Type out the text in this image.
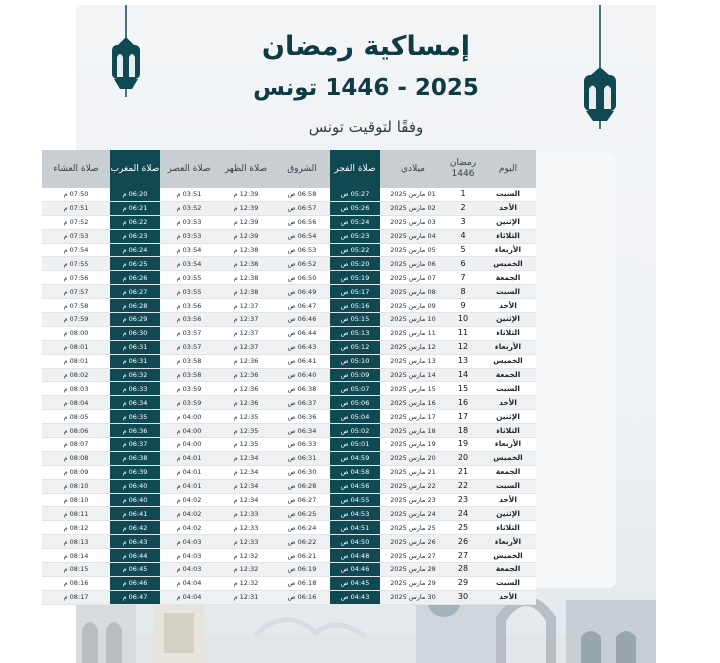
إمساكية رمضان
2025 - 1446 تونس
وفقًا لتوقيت تونس
اليوم	رمضان 1446	ميلادي	صلاة الفجر	الشروق	صلاة الظهر	صلاة العصر	صلاة المغرب	صلاة العشاء
السبت	1	01 مارس 2025	05:27 ص	06:58 ص	12:39 م	03:51 م	06:20 م	07:50 م
الأحد	2	02 مارس 2025	05:26 ص	06:57 ص	12:39 م	03:52 م	06:21 م	07:51 م
الإثنين	3	03 مارس 2025	05:24 ص	06:56 ص	12:39 م	03:53 م	06:22 م	07:52 م
الثلاثاء	4	04 مارس 2025	05:23 ص	06:54 ص	12:39 م	03:53 م	06:23 م	07:53 م
الأربعاء	5	05 مارس 2025	05:22 ص	06:53 ص	12:38 م	03:54 م	06:24 م	07:54 م
الخميس	6	06 مارس 2025	05:20 ص	06:52 ص	12:38 م	03:54 م	06:25 م	07:55 م
الجمعة	7	07 مارس 2025	05:19 ص	06:50 ص	12:38 م	03:55 م	06:26 م	07:56 م
السبت	8	08 مارس 2025	05:17 ص	06:49 ص	12:38 م	03:55 م	06:27 م	07:57 م
الأحد	9	09 مارس 2025	05:16 ص	06:47 ص	12:37 م	03:56 م	06:28 م	07:58 م
الإثنين	10	10 مارس 2025	05:15 ص	06:46 ص	12:37 م	03:56 م	06:29 م	07:59 م
الثلاثاء	11	11 مارس 2025	05:13 ص	06:44 ص	12:37 م	03:57 م	06:30 م	08:00 م
الأربعاء	12	12 مارس 2025	05:12 ص	06:43 ص	12:37 م	03:57 م	06:31 م	08:01 م
الخميس	13	13 مارس 2025	05:10 ص	06:41 ص	12:36 م	03:58 م	06:31 م	08:01 م
الجمعة	14	14 مارس 2025	05:09 ص	06:40 ص	12:36 م	03:58 م	06:32 م	08:02 م
السبت	15	15 مارس 2025	05:07 ص	06:38 ص	12:36 م	03:59 م	06:33 م	08:03 م
الأحد	16	16 مارس 2025	05:06 ص	06:37 ص	12:36 م	03:59 م	06:34 م	08:04 م
الإثنين	17	17 مارس 2025	05:04 ص	06:36 ص	12:35 م	04:00 م	06:35 م	08:05 م
الثلاثاء	18	18 مارس 2025	05:02 ص	06:34 ص	12:35 م	04:00 م	06:36 م	08:06 م
الأربعاء	19	19 مارس 2025	05:01 ص	06:33 ص	12:35 م	04:00 م	06:37 م	08:07 م
الخميس	20	20 مارس 2025	04:59 ص	06:31 ص	12:34 م	04:01 م	06:38 م	08:08 م
الجمعة	21	21 مارس 2025	04:58 ص	06:30 ص	12:34 م	04:01 م	06:39 م	08:09 م
السبت	22	22 مارس 2025	04:56 ص	06:28 ص	12:34 م	04:01 م	06:40 م	08:10 م
الأحد	23	23 مارس 2025	04:55 ص	06:27 ص	12:34 م	04:02 م	06:40 م	08:10 م
الإثنين	24	24 مارس 2025	04:53 ص	06:25 ص	12:33 م	04:02 م	06:41 م	08:11 م
الثلاثاء	25	25 مارس 2025	04:51 ص	06:24 ص	12:33 م	04:02 م	06:42 م	08:12 م
الأربعاء	26	26 مارس 2025	04:50 ص	06:22 ص	12:33 م	04:03 م	06:43 م	08:13 م
الخميس	27	27 مارس 2025	04:48 ص	06:21 ص	12:32 م	04:03 م	06:44 م	08:14 م
الجمعة	28	28 مارس 2025	04:46 ص	06:19 ص	12:32 م	04:03 م	06:45 م	08:15 م
السبت	29	29 مارس 2025	04:45 ص	06:18 ص	12:32 م	04:04 م	06:46 م	08:16 م
الأحد	30	30 مارس 2025	04:43 ص	06:16 ص	12:31 م	04:04 م	06:47 م	08:17 م
